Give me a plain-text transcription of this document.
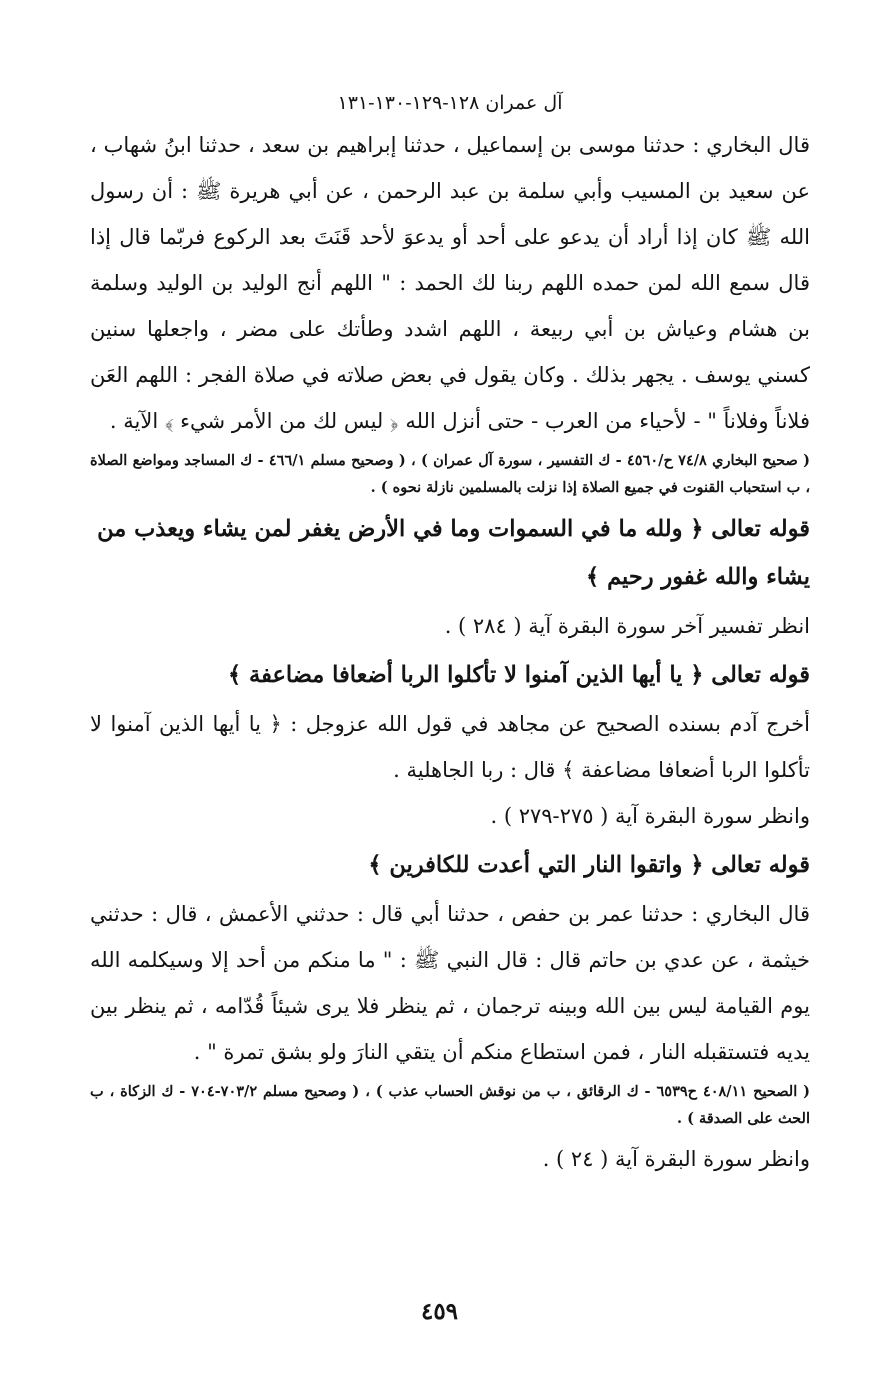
آل عمران ١٢٨-١٢٩-١٣٠-١٣١

قال البخاري : حدثنا موسى بن إسماعيل ، حدثنا إبراهيم بن سعد ، حدثنا ابنُ شهاب ، عن سعيد بن المسيب وأبي سلمة بن عبد الرحمن ، عن أبي هريرة ﷺ : أن رسول الله ﷺ كان إذا أراد أن يدعو على أحد أو يدعوَ لأحد قَنَتَ بعد الركوع فربّما قال إذا قال سمع الله لمن حمده اللهم ربنا لك الحمد : " اللهم أنج الوليد بن الوليد وسلمة بن هشام وعياش بن أبي ربيعة ، اللهم اشدد وطأتك على مضر ، واجعلها سنين كسني يوسف . يجهر بذلك . وكان يقول في بعض صلاته في صلاة الفجر : اللهم العَن فلاناً وفلاناً " - لأحياء من العرب - حتى أنزل الله ﴿ ليس لك من الأمر شيء ﴾ الآية .

( صحيح البخاري ٧٤/٨ ح/٤٥٦٠ - ك التفسير ، سورة آل عمران ) ، ( وصحيح مسلم ٤٦٦/١ - ك المساجد ومواضع الصلاة ، ب استحباب القنوت في جميع الصلاة إذا نزلت بالمسلمين نازلة نحوه ) .

قوله تعالى ﴿ ولله ما في السموات وما في الأرض يغفر لمن يشاء ويعذب من يشاء والله غفور رحيم ﴾

انظر تفسير آخر سورة البقرة آية ( ٢٨٤ ) .

قوله تعالى ﴿ يا أيها الذين آمنوا لا تأكلوا الربا أضعافا مضاعفة ﴾

أخرج آدم بسنده الصحيح عن مجاهد في قول الله عزوجل : ﴿ يا أيها الذين آمنوا لا تأكلوا الربا أضعافا مضاعفة ﴾ قال : ربا الجاهلية .

وانظر سورة البقرة آية ( ٢٧٥-٢٧٩ ) .

قوله تعالى ﴿ واتقوا النار التي أعدت للكافرين ﴾

قال البخاري : حدثنا عمر بن حفص ، حدثنا أبي قال : حدثني الأعمش ، قال : حدثني خيثمة ، عن عدي بن حاتم قال : قال النبي ﷺ : " ما منكم من أحد إلا وسيكلمه الله يوم القيامة ليس بين الله وبينه ترجمان ، ثم ينظر فلا يرى شيئاً قُدّامه ، ثم ينظر بين يديه فتستقبله النار ، فمن استطاع منكم أن يتقي النارَ ولو بشق تمرة " .

( الصحيح ٤٠٨/١١ ح٦٥٣٩ - ك الرقائق ، ب من نوقش الحساب عذب ) ، ( وصحيح مسلم ٧٠٣/٢-٧٠٤ - ك الزكاة ، ب الحث على الصدقة ) .

وانظر سورة البقرة آية ( ٢٤ ) .

٤٥٩
